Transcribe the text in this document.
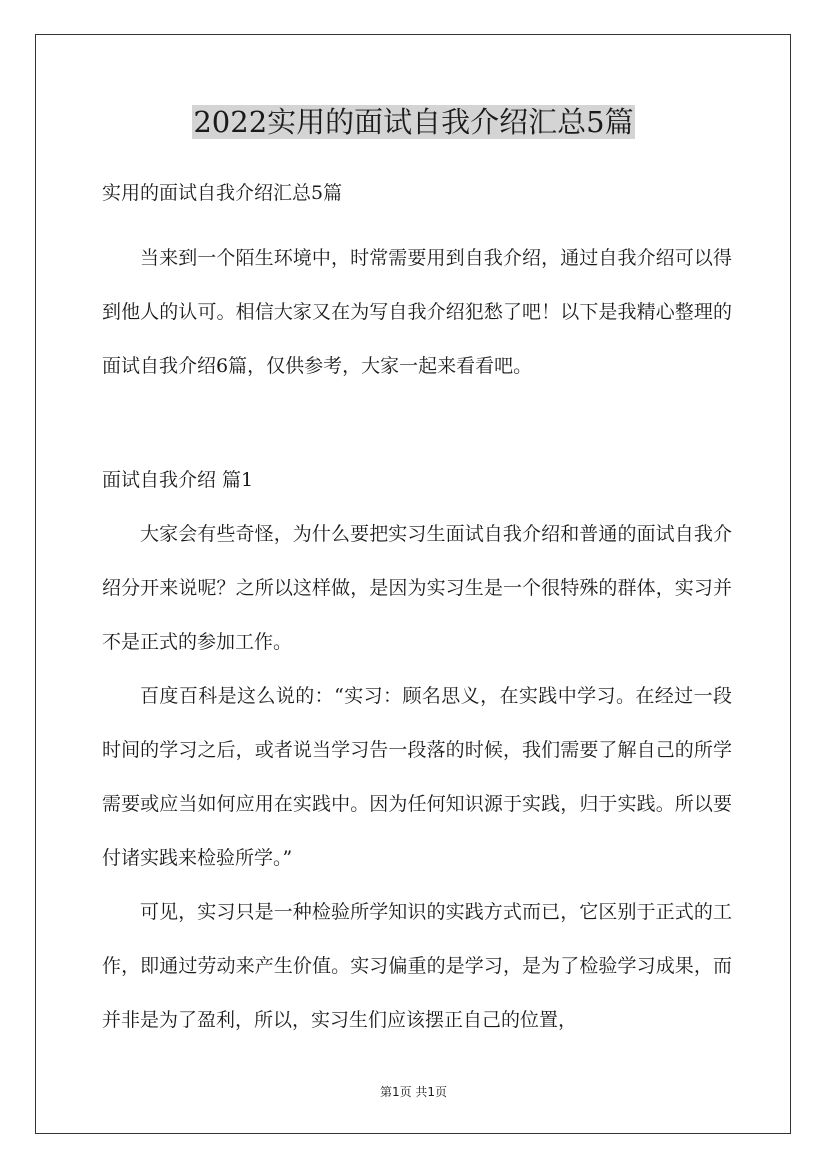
2022实用的面试自我介绍汇总5篇

实用的面试自我介绍汇总5篇

当来到一个陌生环境中，时常需要用到自我介绍，通过自我介绍可以得到他人的认可。相信大家又在为写自我介绍犯愁了吧！以下是我精心整理的面试自我介绍6篇，仅供参考，大家一起来看看吧。

面试自我介绍 篇1

大家会有些奇怪，为什么要把实习生面试自我介绍和普通的面试自我介绍分开来说呢？之所以这样做，是因为实习生是一个很特殊的群体，实习并不是正式的参加工作。

百度百科是这么说的：“实习：顾名思义，在实践中学习。在经过一段时间的学习之后，或者说当学习告一段落的时候，我们需要了解自己的所学需要或应当如何应用在实践中。因为任何知识源于实践，归于实践。所以要付诸实践来检验所学。”

可见，实习只是一种检验所学知识的实践方式而已，它区别于正式的工作，即通过劳动来产生价值。实习偏重的是学习，是为了检验学习成果，而并非是为了盈利，所以，实习生们应该摆正自己的位置，

第1页 共1页
